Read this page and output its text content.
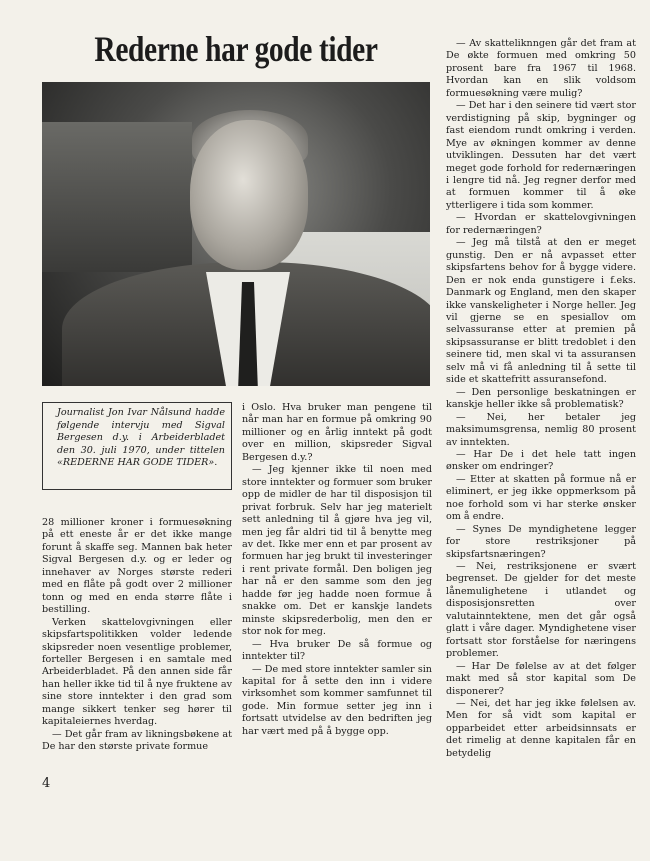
Rederne har gode tider
Journalist Jon Ivar Nålsund hadde følgende intervju med Sigval Bergesen d.y. i Arbeiderbladet den 30. juli 1970, under tittelen «REDERNE HAR GODE TIDER».

28 millioner kroner i formuesøkning på ett eneste år er det ikke mange forunt å skaffe seg. Mannen bak heter Sigval Bergesen d.y. og er leder og innehaver av Norges største rederi med en flåte på godt over 2 millioner tonn og med en enda større flåte i bestilling.

Verken skattelovgivningen eller skipsfartspolitikken volder ledende skipsreder noen vesentlige problemer, forteller Bergesen i en samtale med Arbeiderbladet. På den annen side får han heller ikke tid til å nye fruktene av sine store inntekter i den grad som mange sikkert tenker seg hører til kapitaleiernes hverdag.

— Det går fram av likningsbøkene at De har den største private formue

i Oslo. Hva bruker man pengene til når man har en formue på omkring 90 millioner og en årlig inntekt på godt over en million, skipsreder Sigval Bergesen d.y.?

— Jeg kjenner ikke til noen med store inntekter og formuer som bruker opp de midler de har til disposisjon til privat forbruk. Selv har jeg materielt sett anledning til å gjøre hva jeg vil, men jeg får aldri tid til å benytte meg av det. Ikke mer enn et par prosent av formuen har jeg brukt til investeringer i rent private formål. Den boligen jeg har nå er den samme som den jeg hadde før jeg hadde noen formue å snakke om. Det er kanskje landets minste skipsrederbolig, men den er stor nok for meg.

— Hva bruker De så formue og inntekter til?

— De med store inntekter samler sin kapital for å sette den inn i videre virksomhet som kommer samfunnet til gode. Min formue setter jeg inn i fortsatt utvidelse av den bedriften jeg har vært med på å bygge opp.

— Av skatteliknngen går det fram at De økte formuen med omkring 50 prosent bare fra 1967 til 1968. Hvordan kan en slik voldsom formuesøkning være mulig?

— Det har i den seinere tid vært stor verdistigning på skip, bygninger og fast eiendom rundt omkring i verden. Mye av økningen kommer av denne utviklingen. Dessuten har det vært meget gode forhold for redernæringen i lengre tid nå. Jeg regner derfor med at formuen kommer til å øke ytterligere i tida som kommer.

— Hvordan er skattelovgivningen for redernæringen?

— Jeg må tilstå at den er meget gunstig. Den er nå avpasset etter skipsfartens behov for å bygge videre. Den er nok enda gunstigere i f.eks. Danmark og England, men den skaper ikke vanskeligheter i Norge heller. Jeg vil gjerne se en spesiallov om selvassuranse etter at premien på skipsassuranse er blitt tredoblet i den seinere tid, men skal vi ta assuransen selv må vi få anledning til å sette til side et skattefritt assuransefond.

— Den personlige beskatningen er kanskje heller ikke så problematisk?

— Nei, her betaler jeg maksimumsgrensa, nemlig 80 prosent av inntekten.

— Har De i det hele tatt ingen ønsker om endringer?

— Etter at skatten på formue nå er eliminert, er jeg ikke oppmerksom på noe forhold som vi har sterke ønsker om å endre.

— Synes De myndighetene legger for store restriksjoner på skipsfartsnæringen?

— Nei, restriksjonene er svært begrenset. De gjelder for det meste lånemulighetene i utlandet og disposisjonsretten over valutainntektene, men det går også glatt i våre dager. Myndighetene viser fortsatt stor forståelse for næringens problemer.

— Har De følelse av at det følger makt med så stor kapital som De disponerer?

— Nei, det har jeg ikke følelsen av. Men for så vidt som kapital er opparbeidet etter arbeidsinnsats er det rimelig at denne kapitalen får en betydelig

4
